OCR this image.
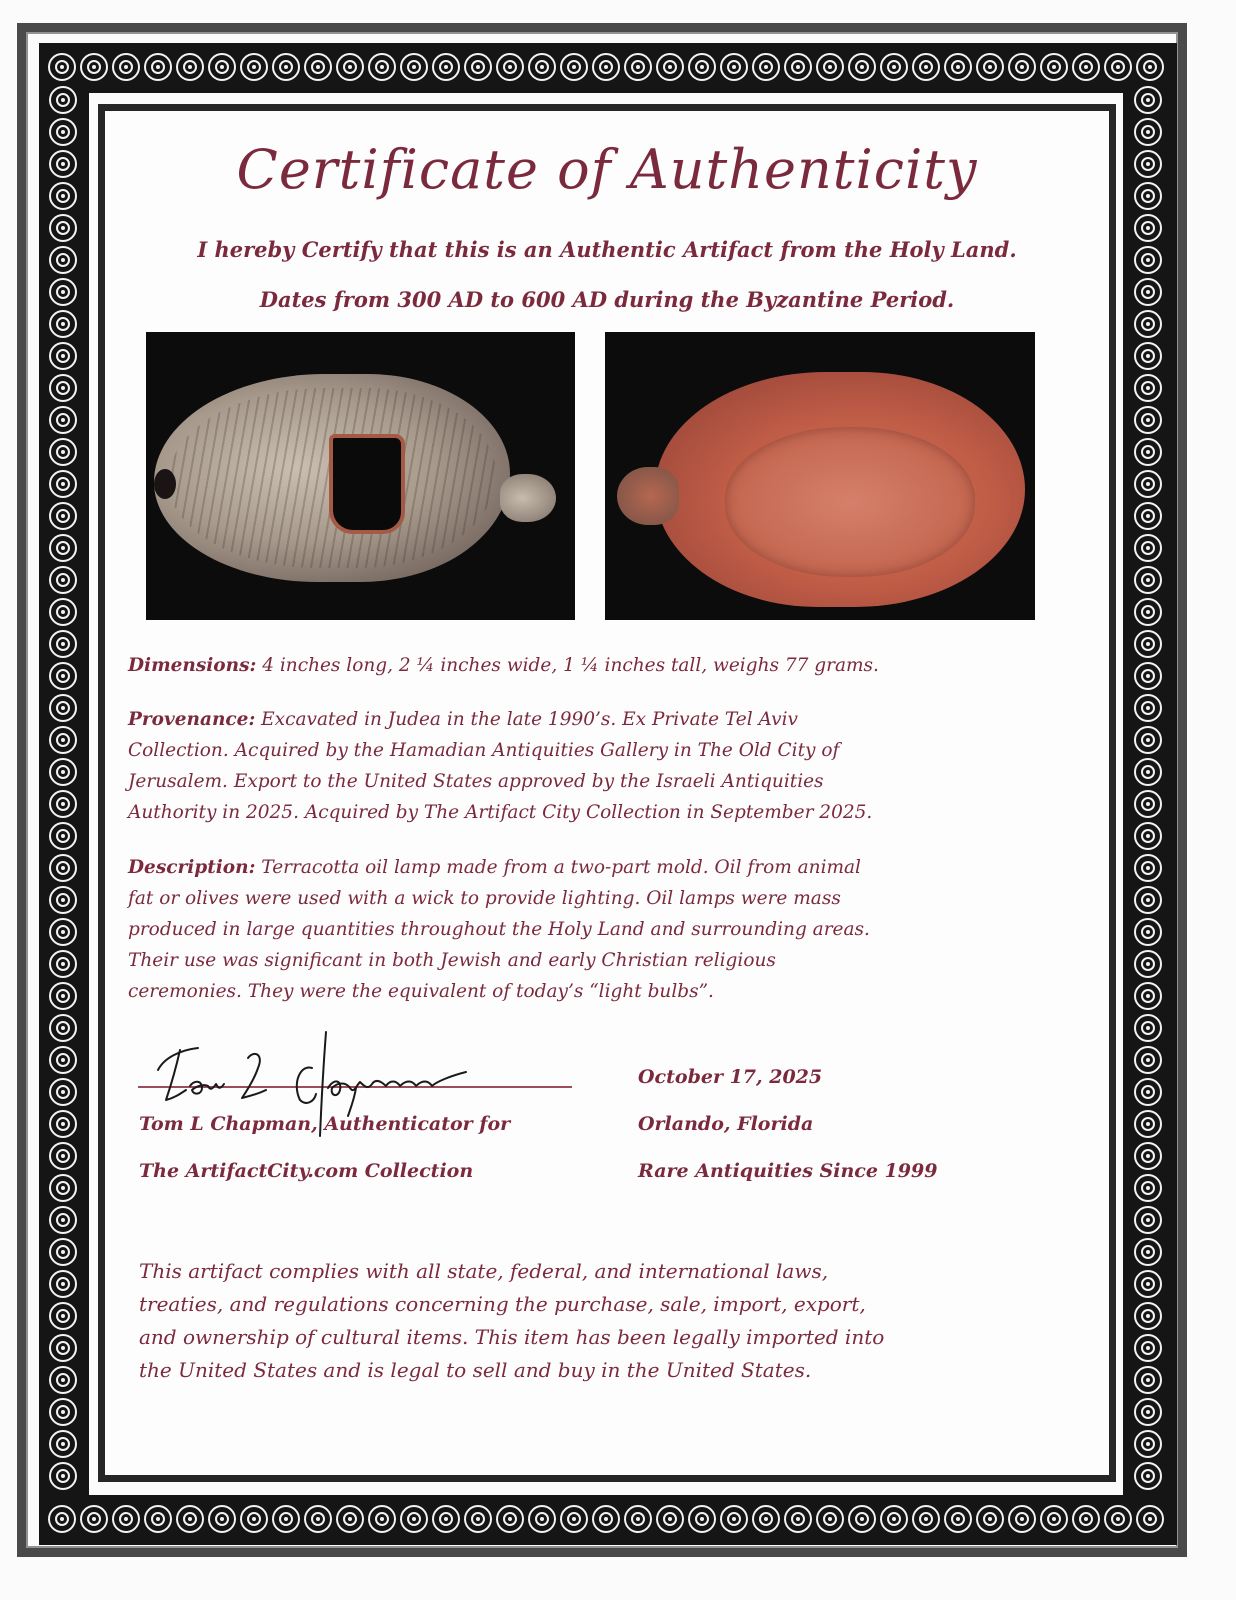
Certificate of Authenticity
I hereby Certify that this is an Authentic Artifact from the Holy Land.
Dates from 300 AD to 600 AD during the Byzantine Period.
Dimensions: 4 inches long, 2 ¼ inches wide, 1 ¼ inches tall, weighs 77 grams.
Provenance: Excavated in Judea in the late 1990’s. Ex Private Tel Aviv
Collection. Acquired by the Hamadian Antiquities Gallery in The Old City of
Jerusalem. Export to the United States approved by the Israeli Antiquities
Authority in 2025. Acquired by The Artifact City Collection in September 2025.
Description: Terracotta oil lamp made from a two-part mold. Oil from animal
fat or olives were used with a wick to provide lighting. Oil lamps were mass
produced in large quantities throughout the Holy Land and surrounding areas.
Their use was significant in both Jewish and early Christian religious
ceremonies. They were the equivalent of today’s “light bulbs”.
Tom L Chapman, Authenticator for
The ArtifactCity.com Collection
October 17, 2025
Orlando, Florida
Rare Antiquities Since 1999
This artifact complies with all state, federal, and international laws,
treaties, and regulations concerning the purchase, sale, import, export,
and ownership of cultural items. This item has been legally imported into
the United States and is legal to sell and buy in the United States.
